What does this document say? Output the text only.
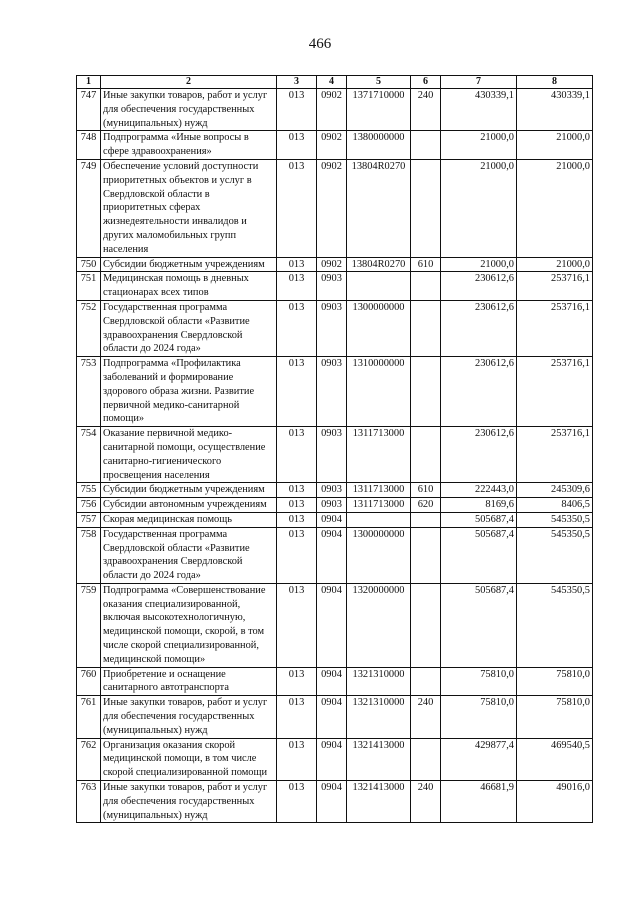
466
1	2	3	4	5	6	7	8
747	Иные закупки товаров, работ и услуг для обеспечения государственных (муниципальных) нужд	013	0902	1371710000	240	430339,1	430339,1
748	Подпрограмма «Иные вопросы в сфере здравоохранения»	013	0902	1380000000		21000,0	21000,0
749	Обеспечение условий доступности приоритетных объектов и услуг в Свердловской области в приоритетных сферах жизнедеятельности инвалидов и других маломобильных групп населения	013	0902	13804R0270		21000,0	21000,0
750	Субсидии бюджетным учреждениям	013	0902	13804R0270	610	21000,0	21000,0
751	Медицинская помощь в дневных стационарах всех типов	013	0903			230612,6	253716,1
752	Государственная программа Свердловской области «Развитие здравоохранения Свердловской области до 2024 года»	013	0903	1300000000		230612,6	253716,1
753	Подпрограмма «Профилактика заболеваний и формирование здорового образа жизни. Развитие первичной медико-санитарной помощи»	013	0903	1310000000		230612,6	253716,1
754	Оказание первичной медико-санитарной помощи, осуществление санитарно-гигиенического просвещения населения	013	0903	1311713000		230612,6	253716,1
755	Субсидии бюджетным учреждениям	013	0903	1311713000	610	222443,0	245309,6
756	Субсидии автономным учреждениям	013	0903	1311713000	620	8169,6	8406,5
757	Скорая медицинская помощь	013	0904			505687,4	545350,5
758	Государственная программа Свердловской области «Развитие здравоохранения Свердловской области до 2024 года»	013	0904	1300000000		505687,4	545350,5
759	Подпрограмма «Совершенствование оказания специализированной, включая высокотехнологичную, медицинской помощи, скорой, в том числе скорой специализированной, медицинской помощи»	013	0904	1320000000		505687,4	545350,5
760	Приобретение и оснащение санитарного автотранспорта	013	0904	1321310000		75810,0	75810,0
761	Иные закупки товаров, работ и услуг для обеспечения государственных (муниципальных) нужд	013	0904	1321310000	240	75810,0	75810,0
762	Организация оказания скорой медицинской помощи, в том числе скорой специализированной помощи	013	0904	1321413000		429877,4	469540,5
763	Иные закупки товаров, работ и услуг для обеспечения государственных (муниципальных) нужд	013	0904	1321413000	240	46681,9	49016,0
